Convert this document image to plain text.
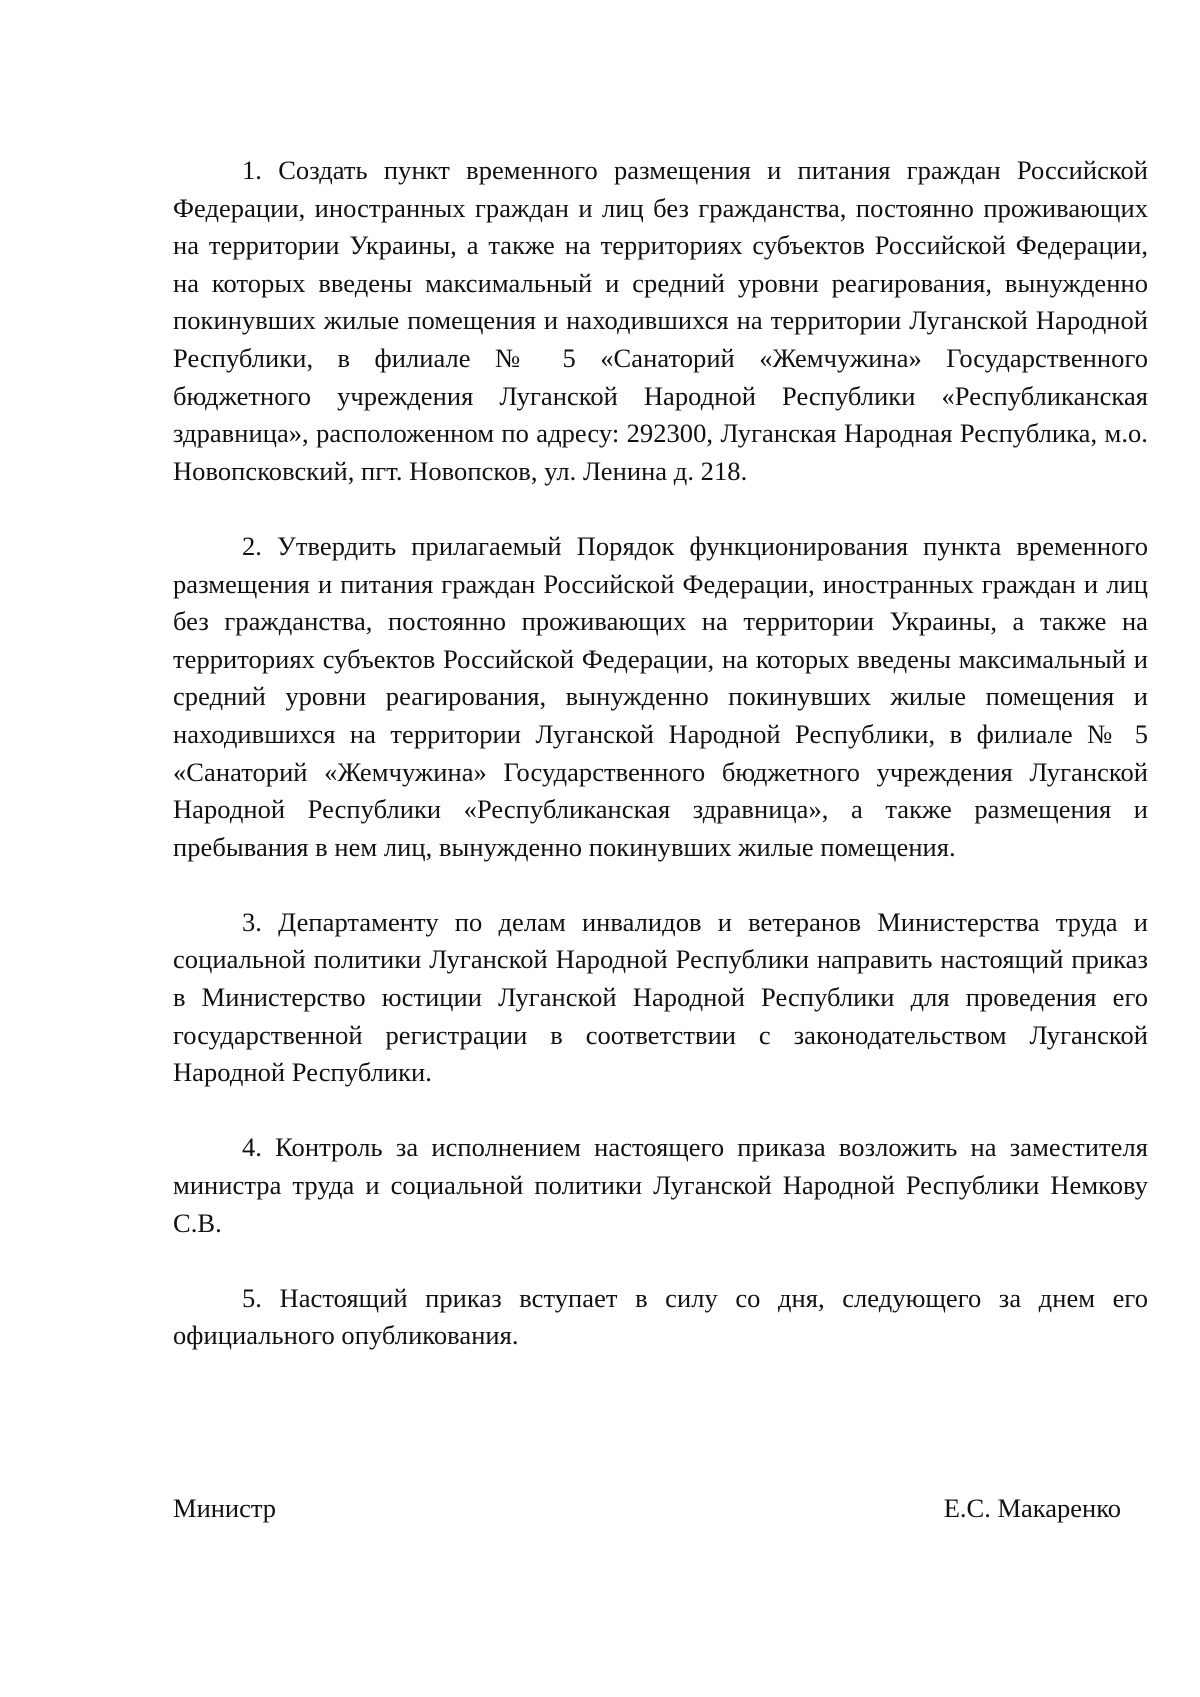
1. Создать пункт временного размещения и питания граждан Российской Федерации, иностранных граждан и лиц без гражданства, постоянно проживающих на территории Украины, а также на территориях субъектов Российской Федерации, на которых введены максимальный и средний уровни реагирования, вынужденно покинувших жилые помещения и находившихся на территории Луганской Народной Республики, в филиале № 5 «Санаторий «Жемчужина» Государственного бюджетного учреждения Луганской Народной Республики «Республиканская здравница», расположенном по адресу: 292300, Луганская Народная Республика, м.о. Новопсковский, пгт. Новопсков, ул. Ленина д. 218.

2. Утвердить прилагаемый Порядок функционирования пункта временного размещения и питания граждан Российской Федерации, иностранных граждан и лиц без гражданства, постоянно проживающих на территории Украины, а также на территориях субъектов Российской Федерации, на которых введены максимальный и средний уровни реагирования, вынужденно покинувших жилые помещения и находившихся на территории Луганской Народной Республики, в филиале № 5 «Санаторий «Жемчужина» Государственного бюджетного учреждения Луганской Народной Республики «Республиканская здравница», а также размещения и пребывания в нем лиц, вынужденно покинувших жилые помещения.

3. Департаменту по делам инвалидов и ветеранов Министерства труда и социальной политики Луганской Народной Республики направить настоящий приказ в Министерство юстиции Луганской Народной Республики для проведения его государственной регистрации в соответствии с законодательством Луганской Народной Республики.

4. Контроль за исполнением настоящего приказа возложить на заместителя министра труда и социальной политики Луганской Народной Республики Немкову С.В.

5. Настоящий приказ вступает в силу со дня, следующего за днем его официального опубликования.

Министр	Е.С. Макаренко
